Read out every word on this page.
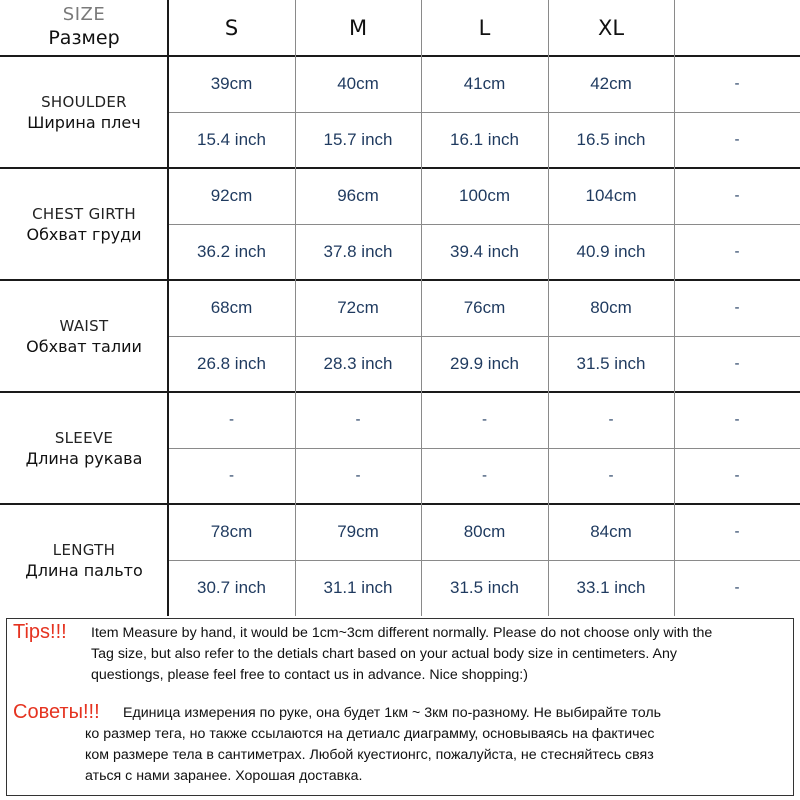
SIZE
Размер	S	M	L	XL
SHOULDER
Ширина плеч
39cm	40cm	41cm	42cm	-
15.4 inch	15.7 inch	16.1 inch	16.5 inch	-
CHEST GIRTH
Обхват груди
92cm	96cm	100cm	104cm	-
36.2 inch	37.8 inch	39.4 inch	40.9 inch	-
WAIST
Обхват талии
68cm	72cm	76cm	80cm	-
26.8 inch	28.3 inch	29.9 inch	31.5 inch	-
SLEEVE
Длина рукава
-	-	-	-	-
-	-	-	-	-
LENGTH
Длина пальто
78cm	79cm	80cm	84cm	-
30.7 inch	31.1 inch	31.5 inch	33.1 inch	-
Tips!!! Item Measure by hand, it would be 1cm~3cm different normally. Please do not choose only with the
Tag size, but also refer to the detials chart based on your actual body size in centimeters. Any
questiongs, please feel free to contact us in advance. Nice shopping:)
Советы!!! Единица измерения по руке, она будет 1км ~ 3км по-разному. Не выбирайте толь
ко размер тега, но также ссылаются на детиалс диаграмму, основываясь на фактичес
ком размере тела в сантиметрах. Любой куестионгс, пожалуйста, не стесняйтесь связ
аться с нами заранее. Хорошая доставка.
